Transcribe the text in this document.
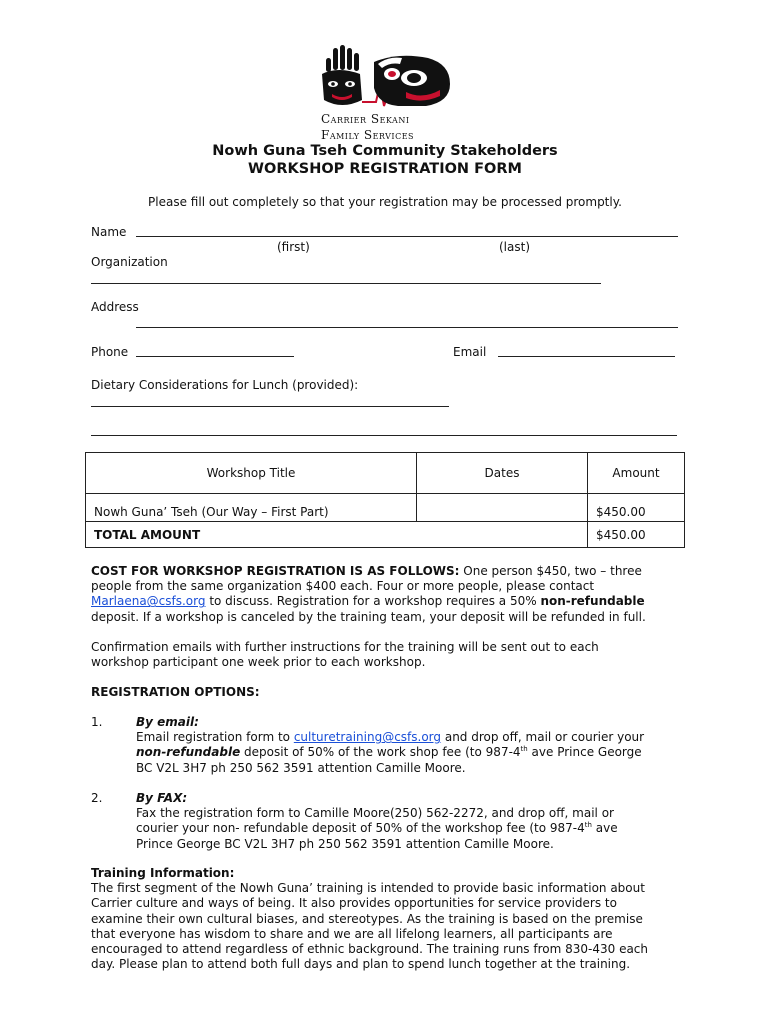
Carrier Sekani
Family Services
Nowh Guna Tseh Community Stakeholders
WORKSHOP REGISTRATION FORM
Please fill out completely so that your registration may be processed promptly.
Name
(first)	(last)
Organization
Address
Phone	Email
Dietary Considerations for Lunch (provided):
Workshop Title	Dates	Amount
Nowh Guna’ Tseh (Our Way – First Part)		$450.00
TOTAL AMOUNT		$450.00

COST FOR WORKSHOP REGISTRATION IS AS FOLLOWS: One person $450, two – three

people from the same organization $400 each. Four or more people, please contact

Marlaena@csfs.org to discuss. Registration for a workshop requires a 50% non-refundable

deposit. If a workshop is canceled by the training team, your deposit will be refunded in full.

Confirmation emails with further instructions for the training will be sent out to each

workshop participant one week prior to each workshop.

REGISTRATION OPTIONS:
1.	By email:

Email registration form to culturetraining@csfs.org and drop off, mail or courier your

non-refundable deposit of 50% of the work shop fee (to 987-4th ave Prince George

BC V2L 3H7 ph 250 562 3591 attention Camille Moore.

2.	By FAX:

Fax the registration form to Camille Moore(250) 562-2272, and drop off, mail or

courier your non- refundable deposit of 50% of the workshop fee (to 987-4th ave

Prince George BC V2L 3H7 ph 250 562 3591 attention Camille Moore.

Training Information:

The first segment of the Nowh Guna’ training is intended to provide basic information about

Carrier culture and ways of being. It also provides opportunities for service providers to

examine their own cultural biases, and stereotypes. As the training is based on the premise

that everyone has wisdom to share and we are all lifelong learners, all participants are

encouraged to attend regardless of ethnic background. The training runs from 830-430 each

day. Please plan to attend both full days and plan to spend lunch together at the training.
